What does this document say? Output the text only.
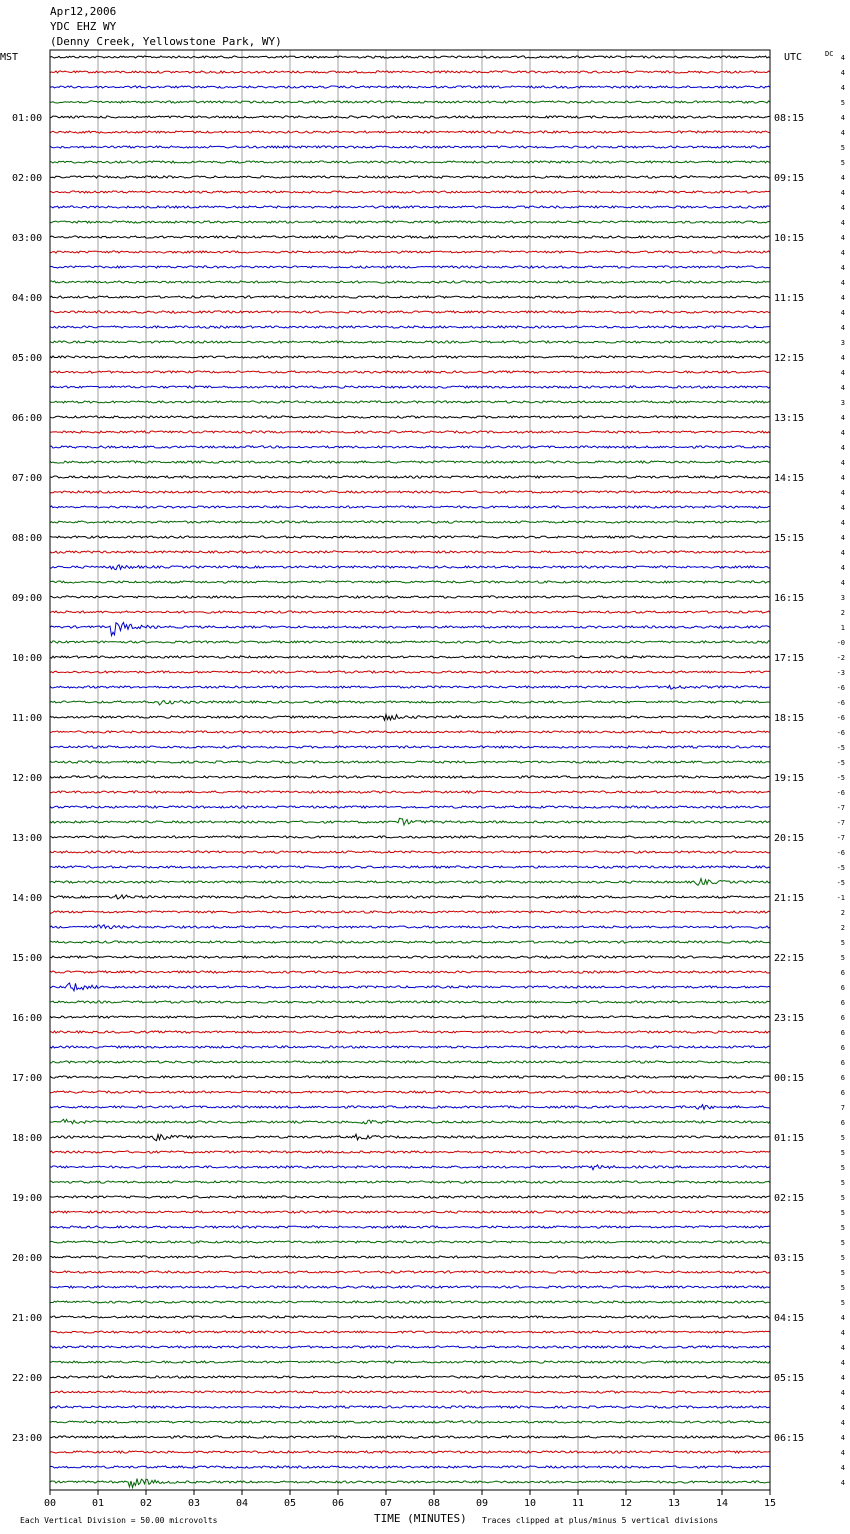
Apr12,2006
YDC EHZ WY
(Denny Creek, Yellowstone Park, WY)
01:00
02:00
03:00
04:00
05:00
06:00
07:00
08:00
09:00
10:00
11:00
12:00
13:00
14:00
15:00
16:00
17:00
18:00
19:00
20:00
21:00
22:00
23:00
08:15
09:15
10:15
11:15
12:15
13:15
14:15
15:15
16:15
17:15
18:15
19:15
20:15
21:15
22:15
23:15
00:15
01:15
02:15
03:15
04:15
05:15
06:15
4
4
4
5
4
4
5
5
4
4
4
4
4
4
4
4
4
4
4
3
4
4
4
3
4
4
4
4
4
4
4
4
4
4
4
4
3
2
1
-0
-2
-3
-6
-6
-6
-6
-5
-5
-5
-6
-7
-7
-7
-6
-5
-5
-1
2
2
5
5
6
6
6
6
6
6
6
6
6
7
6
5
5
5
5
5
5
5
5
5
5
5
5
4
4
4
4
4
4
4
4
4
4
4
4
00	01	02	03	04	05	06	07	08	09	10	11	12	13	14	15
MST	UTC	DC
TIME (MINUTES)
Each Vertical Division = 50.00 microvolts	Traces clipped at plus/minus 5 vertical divisions
